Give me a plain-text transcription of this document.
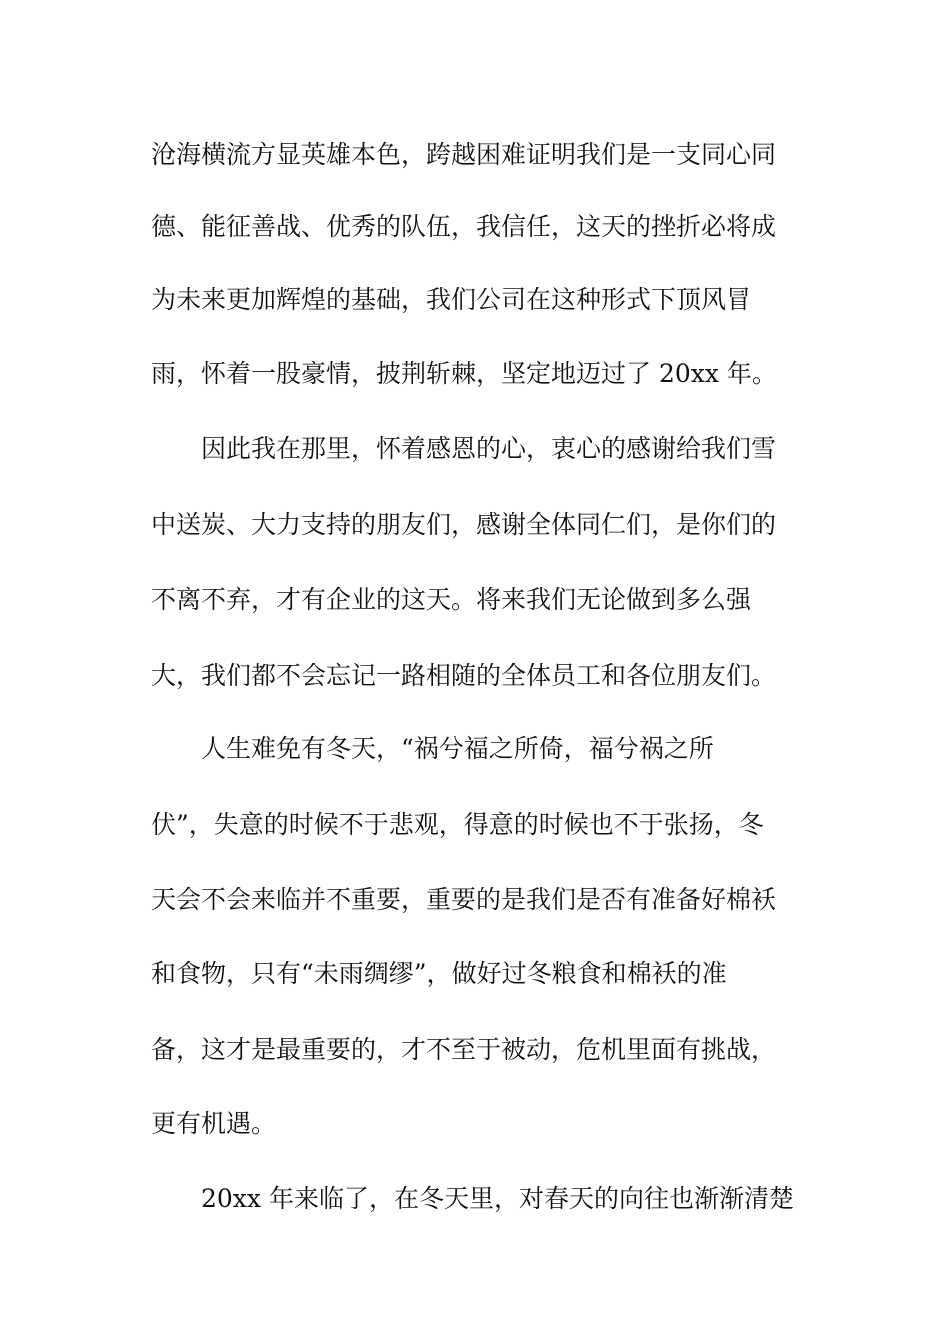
沧海横流方显英雄本色，跨越困难证明我们是一支同心同
德、能征善战、优秀的队伍，我信任，这天的挫折必将成
为未来更加辉煌的基础，我们公司在这种形式下顶风冒
雨，怀着一股豪情，披荆斩棘，坚定地迈过了 20xx 年。
因此我在那里，怀着感恩的心，衷心的感谢给我们雪
中送炭、大力支持的朋友们，感谢全体同仁们，是你们的
不离不弃，才有企业的这天。将来我们无论做到多么强
大，我们都不会忘记一路相随的全体员工和各位朋友们。
人生难免有冬天，“祸兮福之所倚，福兮祸之所
伏”，失意的时候不于悲观，得意的时候也不于张扬，冬
天会不会来临并不重要，重要的是我们是否有准备好棉袄
和食物，只有“未雨绸缪”，做好过冬粮食和棉袄的准
备，这才是最重要的，才不至于被动，危机里面有挑战，
更有机遇。
20xx 年来临了，在冬天里，对春天的向往也渐渐清楚
